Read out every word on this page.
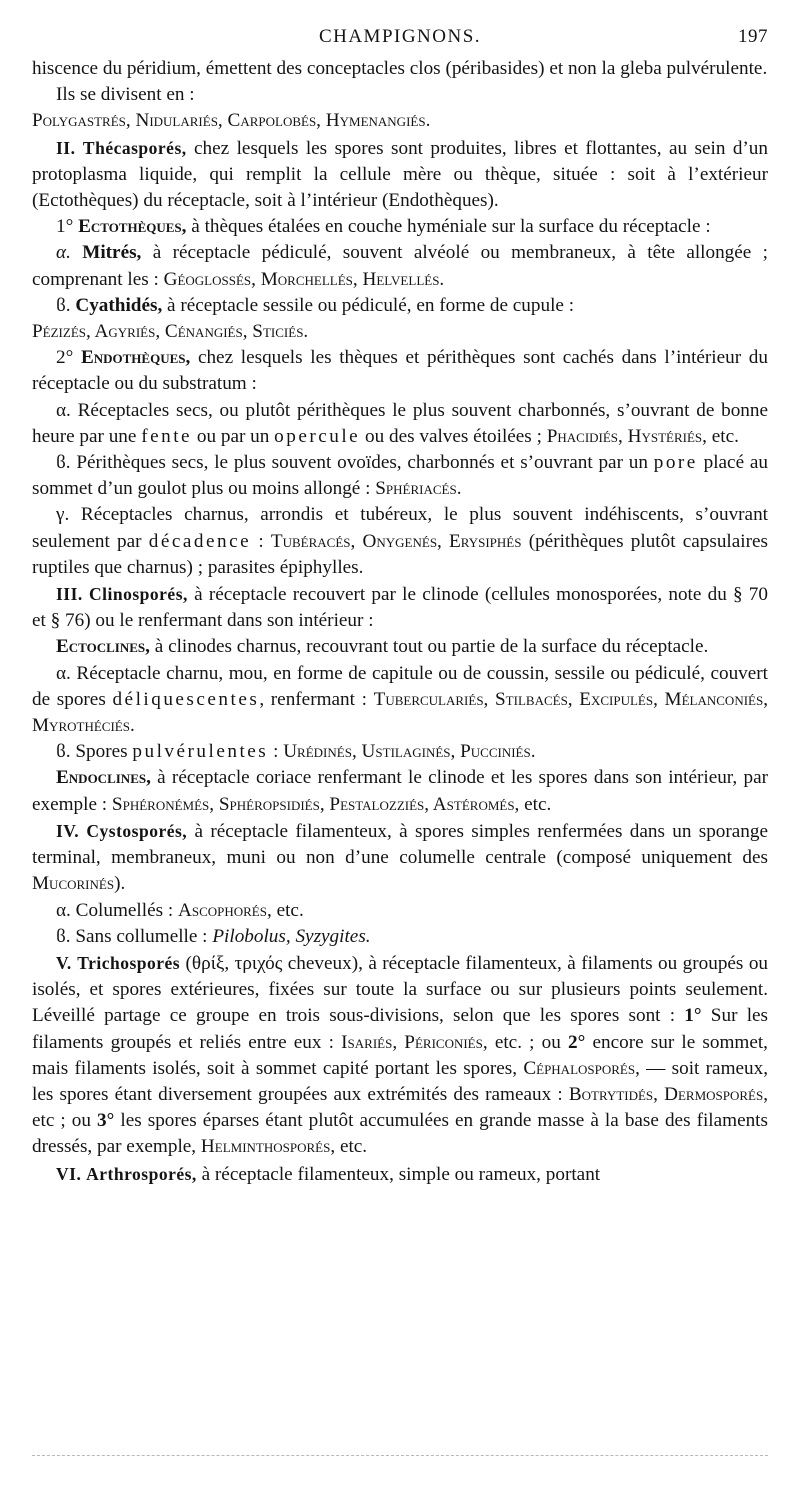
CHAMPIGNONS.	197

hiscence du péridium, émettent des conceptacles clos (péribasides) et non la gleba pulvérulente.

Ils se divisent en :

Polygastrés, Nidulariés, Carpolobés, Hymenangiés.

II. Thécasporés, chez lesquels les spores sont produites, libres et flottantes, au sein d’un protoplasma liquide, qui remplit la cellule mère ou thèque, située : soit à l’extérieur (Ectothèques) du réceptacle, soit à l’intérieur (Endothèques).

1° Ectothèques, à thèques étalées en couche hyméniale sur la surface du réceptacle :

α. Mitrés, à réceptacle pédiculé, souvent alvéolé ou membraneux, à tête allongée ; comprenant les : Géoglossés, Morchellés, Helvellés.

ϐ. Cyathidés, à réceptacle sessile ou pédiculé, en forme de cupule :

Pézizés, Agyriés, Cénangiés, Sticiés.

2° Endothèques, chez lesquels les thèques et périthèques sont cachés dans l’intérieur du réceptacle ou du substratum :

α. Réceptacles secs, ou plutôt périthèques le plus souvent charbonnés, s’ouvrant de bonne heure par une fente ou par un opercule ou des valves étoilées ; Phacidiés, Hystériés, etc.

ϐ. Périthèques secs, le plus souvent ovoïdes, charbonnés et s’ouvrant par un pore placé au sommet d’un goulot plus ou moins allongé : Sphériacés.

γ. Réceptacles charnus, arrondis et tubéreux, le plus souvent indéhiscents, s’ouvrant seulement par décadence : Tubéracés, Onygenés, Erysiphés (périthèques plutôt capsulaires ruptiles que charnus) ; parasites épiphylles.

III. Clinosporés, à réceptacle recouvert par le clinode (cellules monosporées, note du § 70 et § 76) ou le renfermant dans son intérieur :

Ectoclines, à clinodes charnus, recouvrant tout ou partie de la surface du réceptacle.

α. Réceptacle charnu, mou, en forme de capitule ou de coussin, sessile ou pédiculé, couvert de spores déliquescentes, renfermant : Tuberculariés, Stilbacés, Excipulés, Mélanconiés, Myrothéciés.

ϐ. Spores pulvérulentes : Urédinés, Ustilaginés, Pucciniés.

Endoclines, à réceptacle coriace renfermant le clinode et les spores dans son intérieur, par exemple : Sphéronémés, Sphéropsidiés, Pestalozziés, Astéromés, etc.

IV. Cystosporés, à réceptacle filamenteux, à spores simples renfermées dans un sporange terminal, membraneux, muni ou non d’une columelle centrale (composé uniquement des Mucorinés).

α. Columellés : Ascophorés, etc.

ϐ. Sans collumelle : Pilobolus, Syzygites.

V. Trichosporés (θρίξ, τριχός cheveux), à réceptacle filamenteux, à filaments ou groupés ou isolés, et spores extérieures, fixées sur toute la surface ou sur plusieurs points seulement. Léveillé partage ce groupe en trois sous-divisions, selon que les spores sont : 1° Sur les filaments groupés et reliés entre eux : Isariés, Périconiés, etc. ; ou 2° encore sur le sommet, mais filaments isolés, soit à sommet capité portant les spores, Céphalosporés, — soit rameux, les spores étant diversement groupées aux extrémités des rameaux : Botrytidés, Dermosporés, etc ; ou 3° les spores éparses étant plutôt accumulées en grande masse à la base des filaments dressés, par exemple, Helminthosporés, etc.

VI. Arthrosporés, à réceptacle filamenteux, simple ou rameux, portant
